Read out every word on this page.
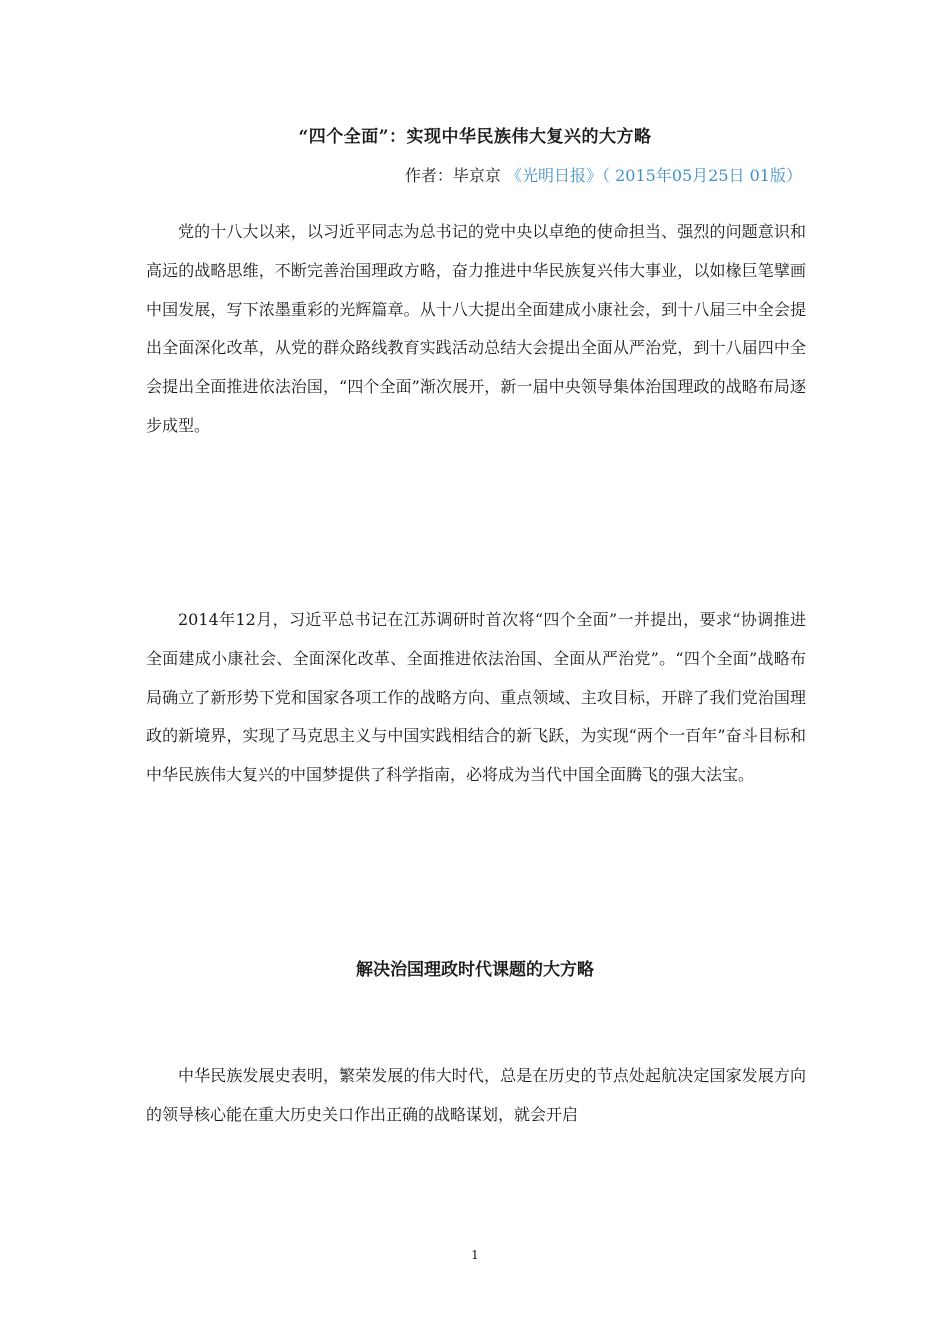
“四个全面”：实现中华民族伟大复兴的大方略
作者：毕京京 《光明日报》（ 2015年05月25日 01版）

党的十八大以来，以习近平同志为总书记的党中央以卓绝的使命担当、强烈的问题意识和高远的战略思维，不断完善治国理政方略，奋力推进中华民族复兴伟大事业，以如椽巨笔擘画中国发展，写下浓墨重彩的光辉篇章。从十八大提出全面建成小康社会，到十八届三中全会提出全面深化改革，从党的群众路线教育实践活动总结大会提出全面从严治党，到十八届四中全会提出全面推进依法治国，“四个全面”渐次展开，新一届中央领导集体治国理政的战略布局逐步成型。

2014年12月，习近平总书记在江苏调研时首次将“四个全面”一并提出，要求“协调推进全面建成小康社会、全面深化改革、全面推进依法治国、全面从严治党”。“四个全面”战略布局确立了新形势下党和国家各项工作的战略方向、重点领域、主攻目标，开辟了我们党治国理政的新境界，实现了马克思主义与中国实践相结合的新飞跃，为实现“两个一百年”奋斗目标和中华民族伟大复兴的中国梦提供了科学指南，必将成为当代中国全面腾飞的强大法宝。

解决治国理政时代课题的大方略

中华民族发展史表明，繁荣发展的伟大时代，总是在历史的节点处起航决定国家发展方向的领导核心能在重大历史关口作出正确的战略谋划，就会开启

1
